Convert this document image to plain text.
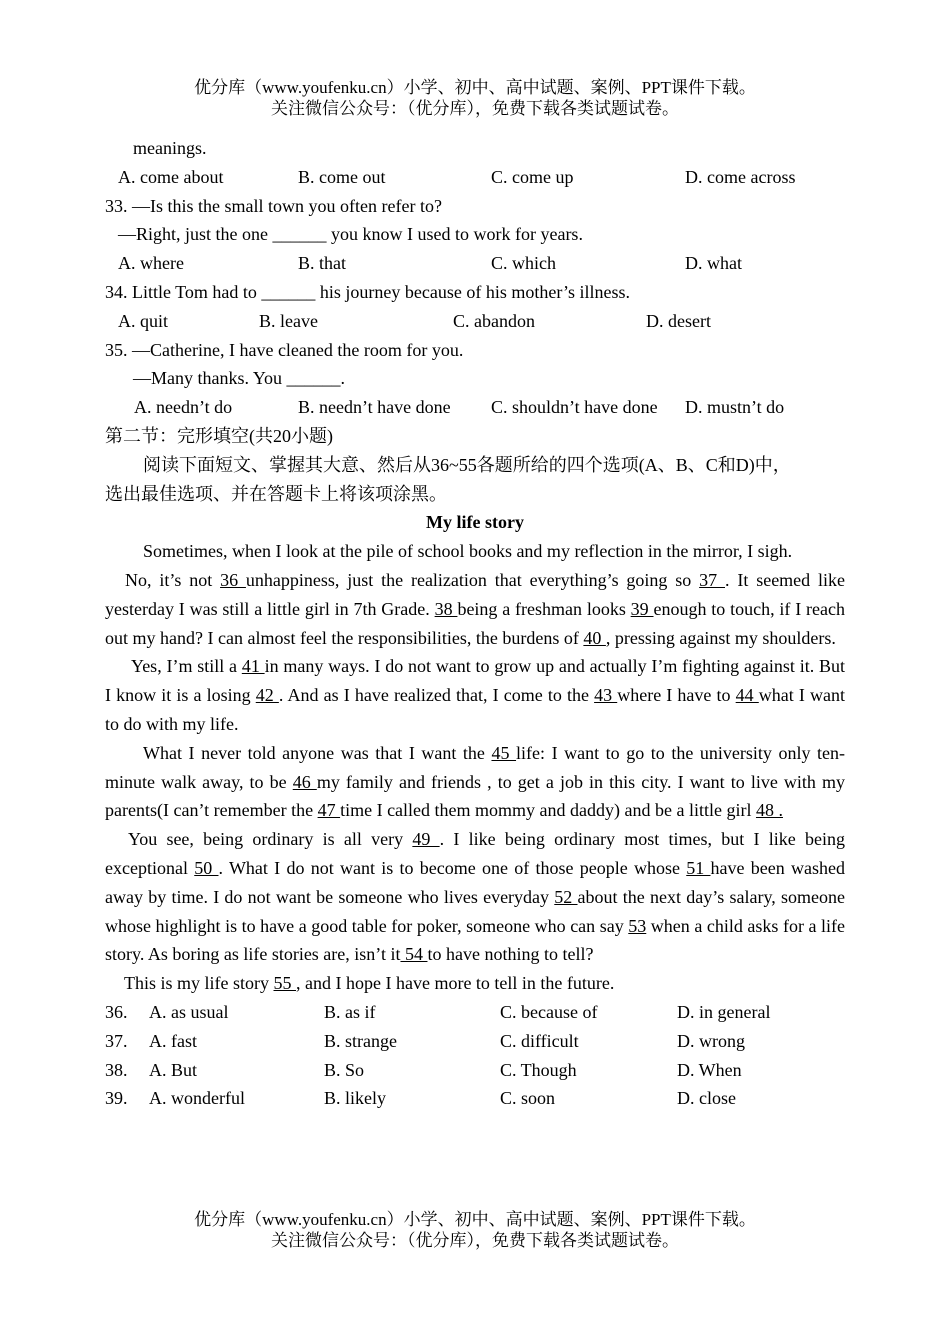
优分库（www.youfenku.cn）小学、初中、高中试题、案例、PPT课件下载。
关注微信公众号：（优分库），免费下载各类试题试卷。
meanings.
A. come about	B. come out	C. come up	D. come across
33. —Is this the small town you often refer to?
—Right, just the one ______ you know I used to work for years.
A. where	B. that	C. which	D. what
34. Little Tom had to ______ his journey because of his mother’s illness.
A. quit	B. leave	C. abandon	D. desert
35. —Catherine, I have cleaned the room for you.
—Many thanks. You ______.
A. needn’t do	B. needn’t have done C. shouldn’t have done D. mustn’t do
第二节：完形填空(共20小题)
阅读下面短文、掌握其大意、然后从36~55各题所给的四个选项(A、B、C和D)中，
选出最佳选项、并在答题卡上将该项涂黑。
My life story
Sometimes, when I look at the pile of school books and my reflection in the mirror, I sigh.
No, it’s not 36 unhappiness, just the realization that everything’s going so 37 . It seemed like yesterday I was still a little girl in 7th Grade. 38 being a freshman looks 39 enough to touch, if I reach out my hand? I can almost feel the responsibilities, the burdens of 40 , pressing against my shoulders.
Yes, I’m still a 41 in many ways. I do not want to grow up and actually I’m fighting against it. But I know it is a losing 42 . And as I have realized that, I come to the 43 where I have to 44 what I want to do with my life.
What I never told anyone was that I want the 45 life: I want to go to the university only ten-minute walk away, to be 46 my family and friends , to get a job in this city. I want to live with my parents(I can’t remember the 47 time I called them mommy and daddy) and be a little girl 48 .
You see, being ordinary is all very 49 . I like being ordinary most times, but I like being exceptional 50 . What I do not want is to become one of those people whose 51 have been washed away by time. I do not want be someone who lives everyday 52 about the next day’s salary, someone whose highlight is to have a good table for poker, someone who can say 53 when a child asks for a life story. As boring as life stories are, isn’t it 54 to have nothing to tell?
This is my life story 55 , and I hope I have more to tell in the future.
36. A. as usual	B. as if	C. because of	D. in general
37. A. fast	B. strange	C. difficult	D. wrong
38. A. But	B. So	C. Though	D. When
39. A. wonderful	B. likely	C. soon	D. close
优分库（www.youfenku.cn）小学、初中、高中试题、案例、PPT课件下载。
关注微信公众号：（优分库），免费下载各类试题试卷。
